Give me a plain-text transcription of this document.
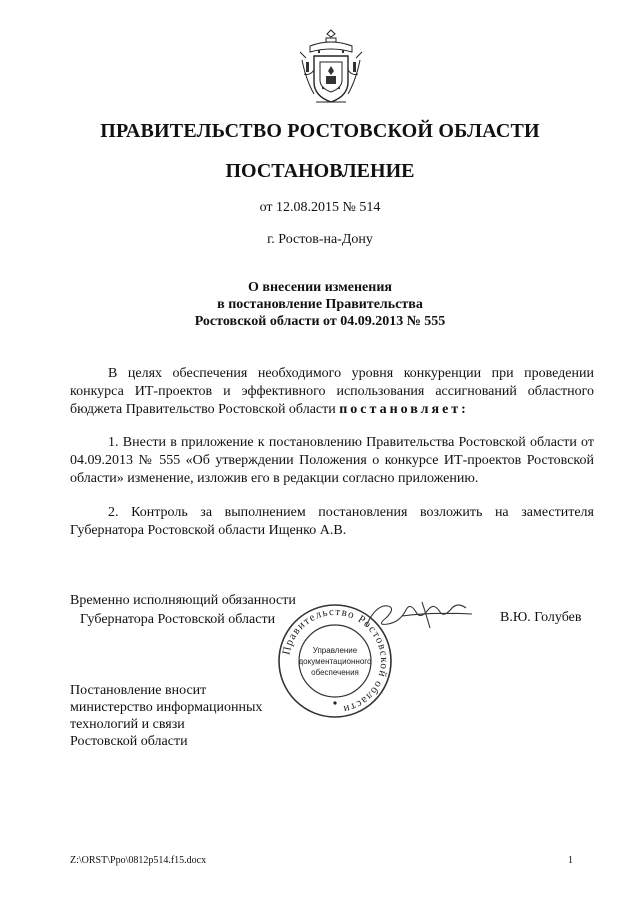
ПРАВИТЕЛЬСТВО РОСТОВСКОЙ ОБЛАСТИ
ПОСТАНОВЛЕНИЕ
от 12.08.2015 № 514
г. Ростов-на-Дону
О внесении изменения
в постановление Правительства
Ростовской области от 04.09.2013 № 555
В целях обеспечения необходимого уровня конкуренции при проведении конкурса ИТ-проектов и эффективного использования ассигнований областного бюджета Правительство Ростовской области постановляет:
1. Внести в приложение к постановлению Правительства Ростовской области от 04.09.2013 № 555 «Об утверждении Положения о конкурсе ИТ-проектов Ростовской области» изменение, изложив его в редакции согласно приложению.
2. Контроль за выполнением постановления возложить на заместителя Губернатора Ростовской области Ищенко А.В.
Временно исполняющий обязанности
Губернатора Ростовской области	В.Ю. Голубев
Правительство Ростовской области
Управление
документационного
обеспечения
Постановление вносит
министерство информационных
технологий и связи
Ростовской области
Z:\ORST\Ppo\0812p514.f15.docx	1
